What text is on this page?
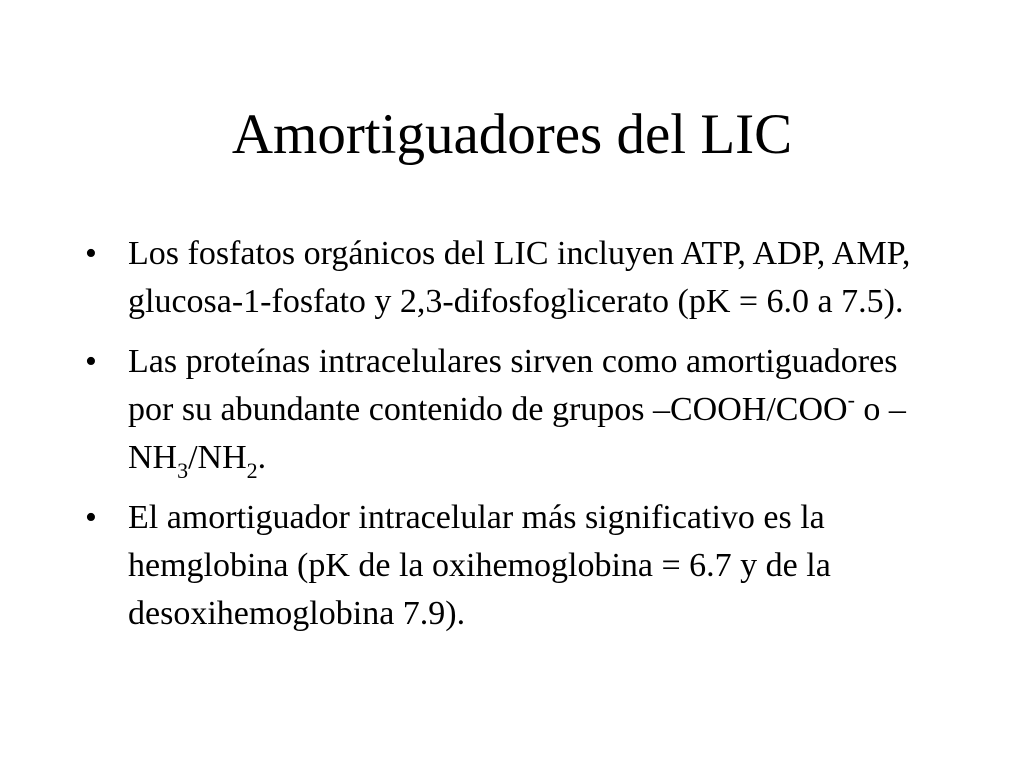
Amortiguadores del LIC
• Los fosfatos orgánicos del LIC incluyen ATP, ADP, AMP, glucosa-1-fosfato y 2,3-difosfoglicerato (pK = 6.0 a 7.5).
• Las proteínas intracelulares sirven como amortiguadores por su abundante contenido de grupos –COOH/COO- o $-NH_3/NH_2$.
• El amortiguador intracelular más significativo es la hemglobina (pK de la oxihemoglobina = 6.7 y de la desoxihemoglobina 7.9).
